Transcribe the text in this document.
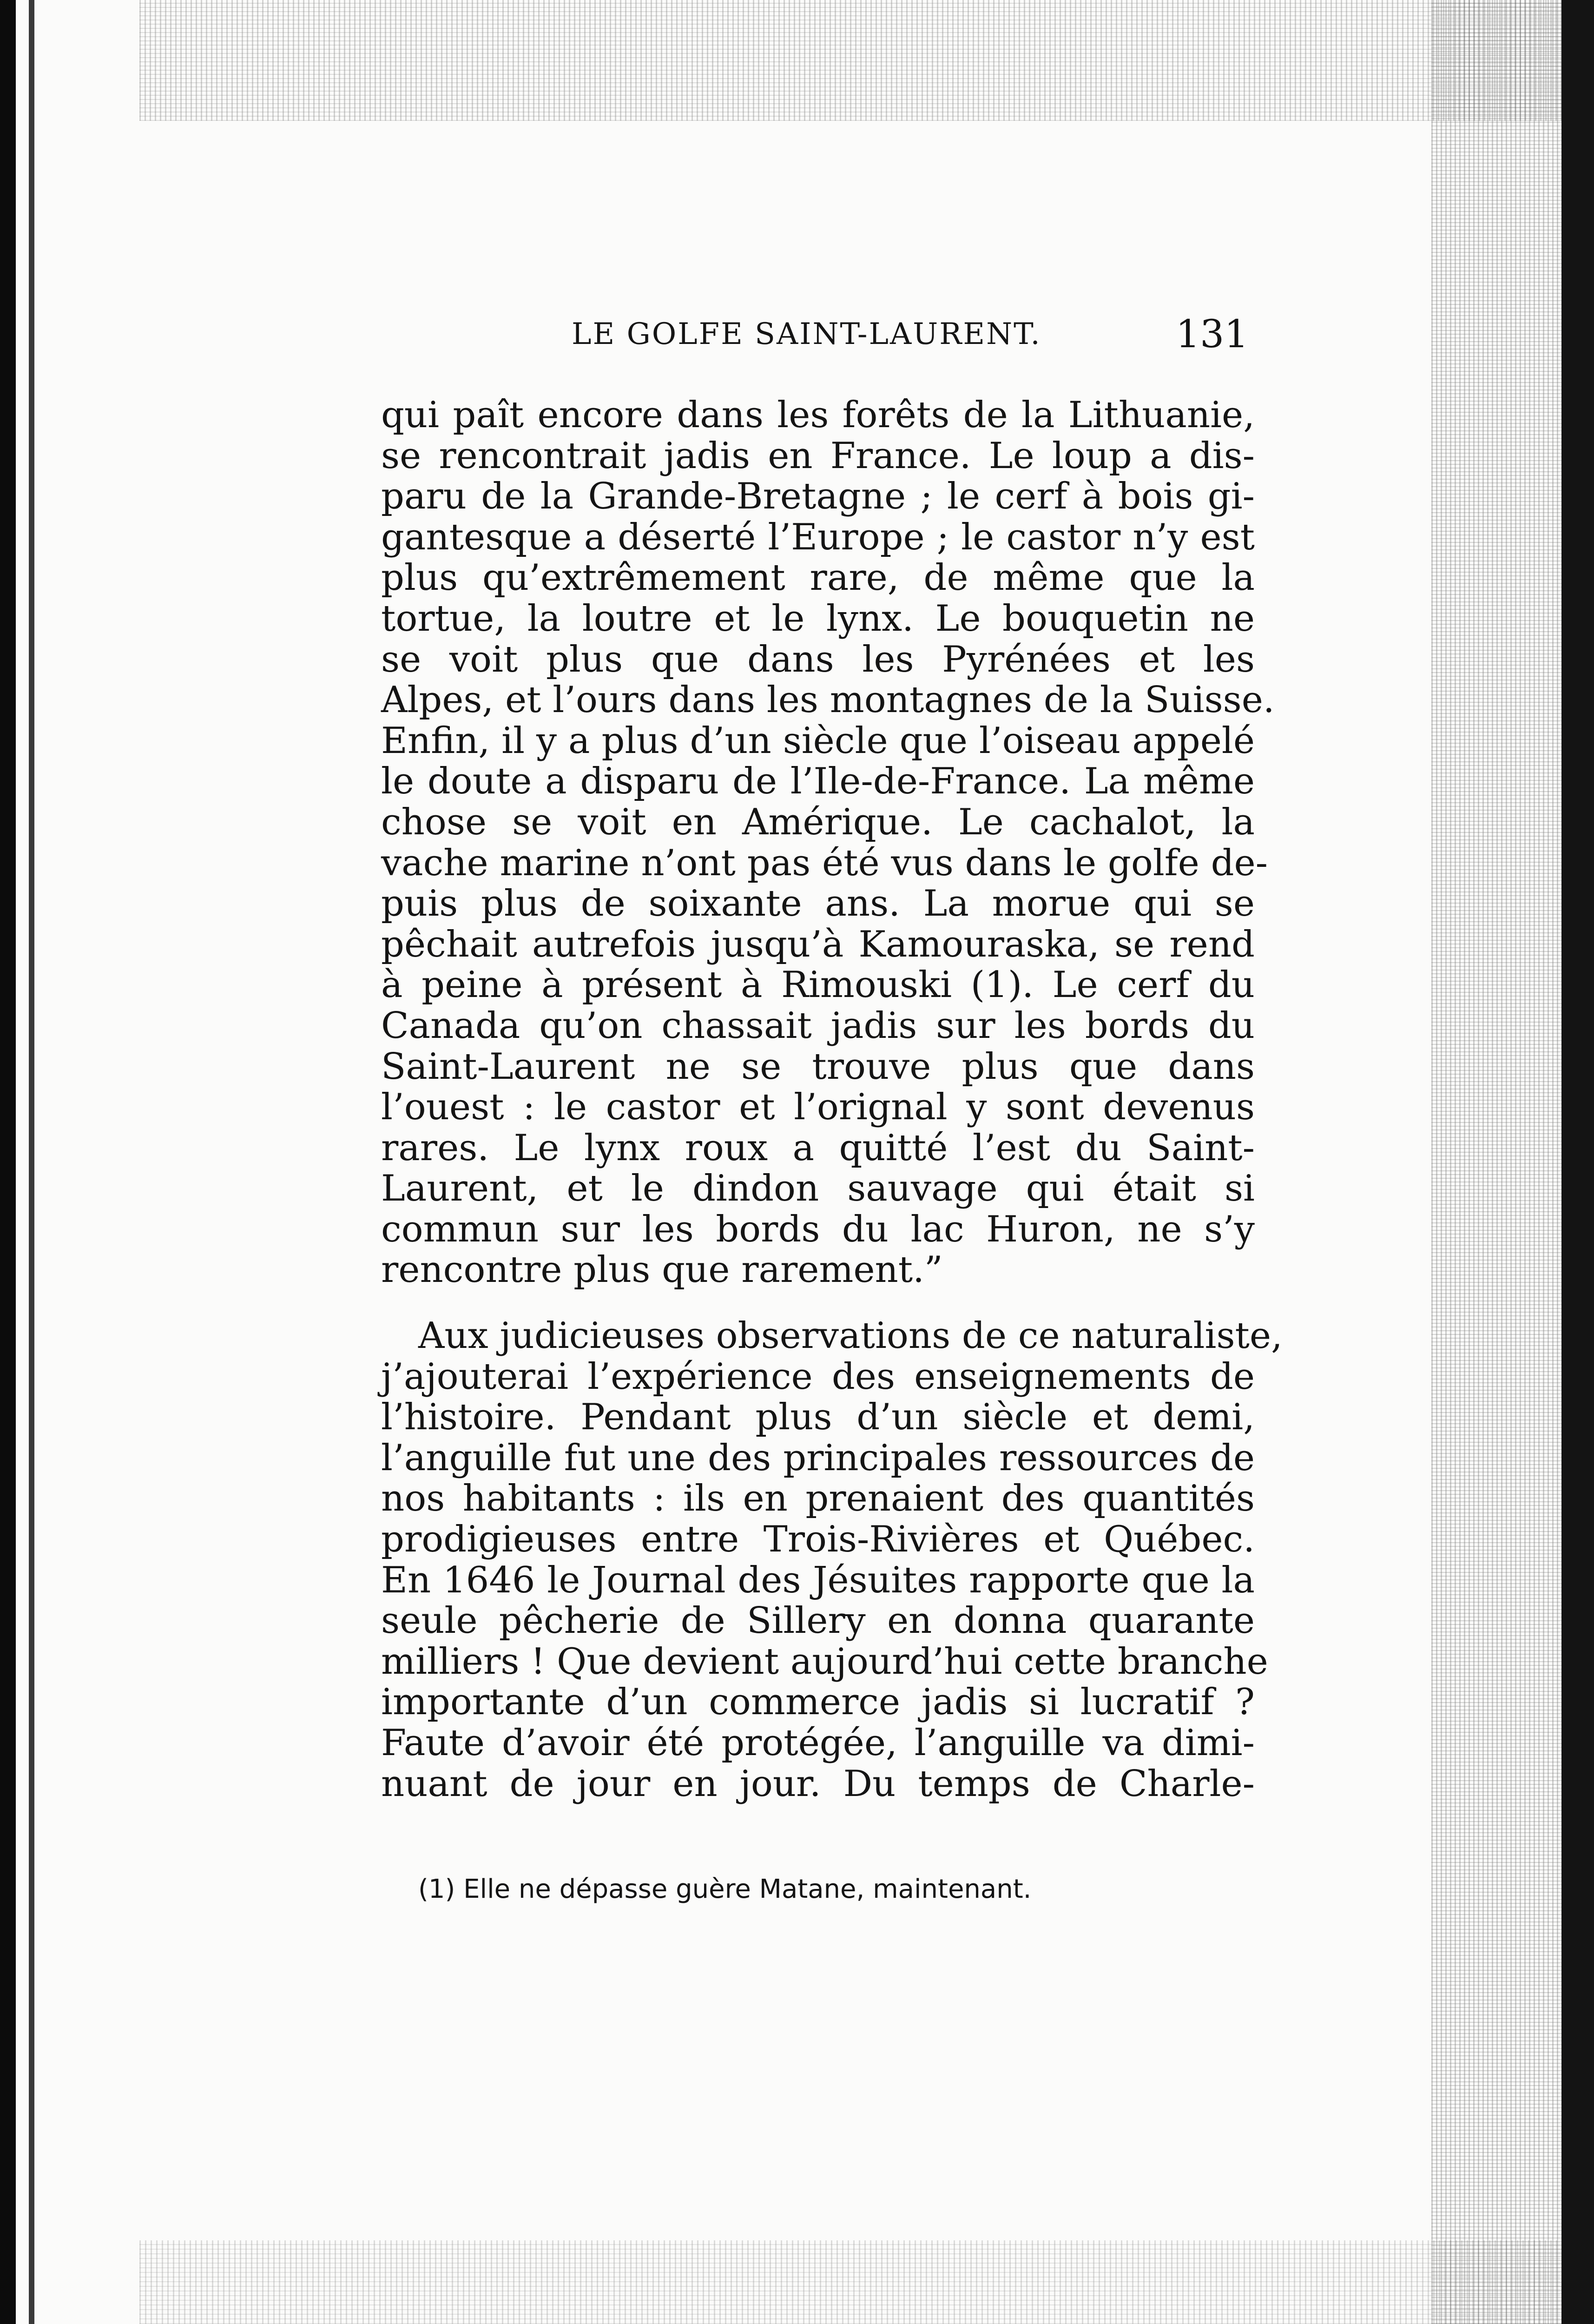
LE GOLFE SAINT-LAURENT.	131
qui paît encore dans les forêts de la Lithuanie,
se rencontrait jadis en France. Le loup a dis-
paru de la Grande-Bretagne ; le cerf à bois gi-
gantesque a déserté l’Europe ; le castor n’y est
plus qu’extrêmement rare, de même que la
tortue, la loutre et le lynx. Le bouquetin ne
se voit plus que dans les Pyrénées et les
Alpes, et l’ours dans les montagnes de la Suisse.
Enfin, il y a plus d’un siècle que l’oiseau appelé
le doute a disparu de l’Ile-de-France. La même
chose se voit en Amérique. Le cachalot, la
vache marine n’ont pas été vus dans le golfe de-
puis plus de soixante ans. La morue qui se
pêchait autrefois jusqu’à Kamouraska, se rend
à peine à présent à Rimouski (1). Le cerf du
Canada qu’on chassait jadis sur les bords du
Saint-Laurent ne se trouve plus que dans
l’ouest : le castor et l’orignal y sont devenus
rares. Le lynx roux a quitté l’est du Saint-
Laurent, et le dindon sauvage qui était si
commun sur les bords du lac Huron, ne s’y
rencontre plus que rarement.”
Aux judicieuses observations de ce naturaliste,
j’ajouterai l’expérience des enseignements de
l’histoire. Pendant plus d’un siècle et demi,
l’anguille fut une des principales ressources de
nos habitants : ils en prenaient des quantités
prodigieuses entre Trois-Rivières et Québec.
En 1646 le Journal des Jésuites rapporte que la
seule pêcherie de Sillery en donna quarante
milliers ! Que devient aujourd’hui cette branche
importante d’un commerce jadis si lucratif ?
Faute d’avoir été protégée, l’anguille va dimi-
nuant de jour en jour. Du temps de Charle-
(1) Elle ne dépasse guère Matane, maintenant.
